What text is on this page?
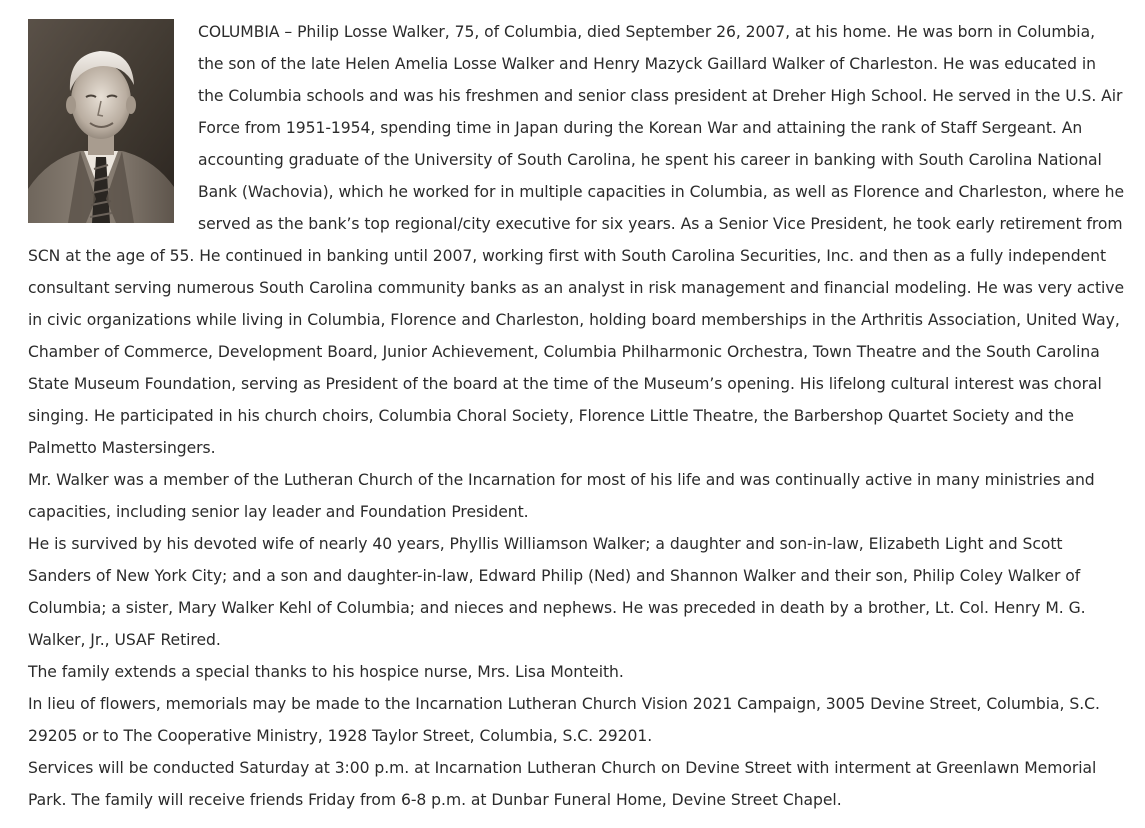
COLUMBIA – Philip Losse Walker, 75, of Columbia, died September 26, 2007, at his home. He was born in Columbia, the son of the late Helen Amelia Losse Walker and Henry Mazyck Gaillard Walker of Charleston. He was educated in the Columbia schools and was his freshmen and senior class president at Dreher High School. He served in the U.S. Air Force from 1951-1954, spending time in Japan during the Korean War and attaining the rank of Staff Sergeant. An accounting graduate of the University of South Carolina, he spent his career in banking with South Carolina National Bank (Wachovia), which he worked for in multiple capacities in Columbia, as well as Florence and Charleston, where he served as the bank’s top regional/city executive for six years. As a Senior Vice President, he took early retirement from SCN at the age of 55. He continued in banking until 2007, working first with South Carolina Securities, Inc. and then as a fully independent consultant serving numerous South Carolina community banks as an analyst in risk management and financial modeling. He was very active in civic organizations while living in Columbia, Florence and Charleston, holding board memberships in the Arthritis Association, United Way, Chamber of Commerce, Development Board, Junior Achievement, Columbia Philharmonic Orchestra, Town Theatre and the South Carolina State Museum Foundation, serving as President of the board at the time of the Museum’s opening. His lifelong cultural interest was choral singing. He participated in his church choirs, Columbia Choral Society, Florence Little Theatre, the Barbershop Quartet Society and the Palmetto Mastersingers.

Mr. Walker was a member of the Lutheran Church of the Incarnation for most of his life and was continually active in many ministries and capacities, including senior lay leader and Foundation President.

He is survived by his devoted wife of nearly 40 years, Phyllis Williamson Walker; a daughter and son-in-law, Elizabeth Light and Scott Sanders of New York City; and a son and daughter-in-law, Edward Philip (Ned) and Shannon Walker and their son, Philip Coley Walker of Columbia; a sister, Mary Walker Kehl of Columbia; and nieces and nephews. He was preceded in death by a brother, Lt. Col. Henry M. G. Walker, Jr., USAF Retired.

The family extends a special thanks to his hospice nurse, Mrs. Lisa Monteith.

In lieu of flowers, memorials may be made to the Incarnation Lutheran Church Vision 2021 Campaign, 3005 Devine Street, Columbia, S.C. 29205 or to The Cooperative Ministry, 1928 Taylor Street, Columbia, S.C. 29201.

Services will be conducted Saturday at 3:00 p.m. at Incarnation Lutheran Church on Devine Street with interment at Greenlawn Memorial Park. The family will receive friends Friday from 6-8 p.m. at Dunbar Funeral Home, Devine Street Chapel.
